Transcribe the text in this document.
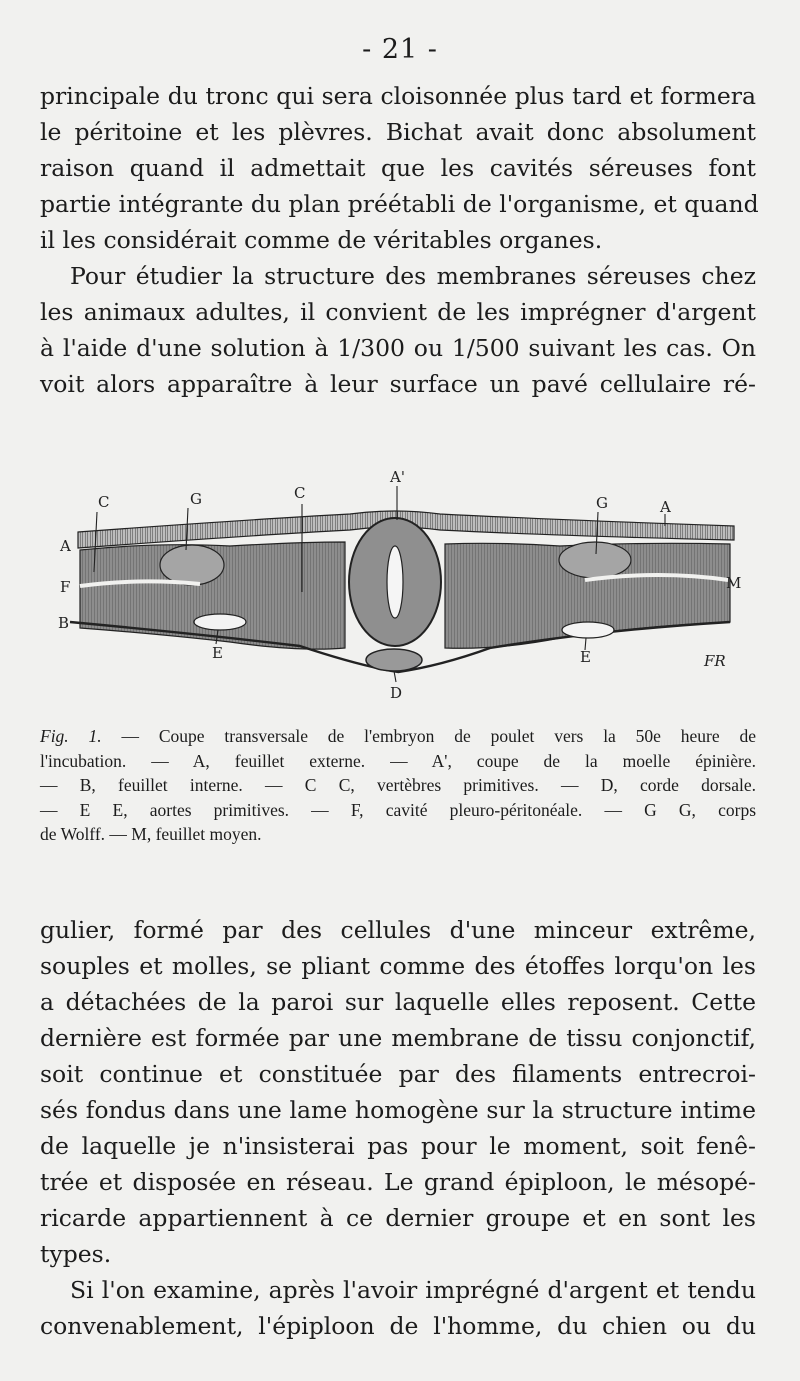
- 21 -
principale du tronc qui sera cloisonnée plus tard et formera
le péritoine et les plèvres. Bichat avait donc absolument
raison quand il admettait que les cavités séreuses font
partie intégrante du plan préétabli de l'organisme, et quand
il les considérait comme de véritables organes.
Pour étudier la structure des membranes séreuses chez
les animaux adultes, il convient de les imprégner d'argent
à l'aide d'une solution à 1/300 ou 1/500 suivant les cas. On
voit alors apparaître à leur surface un pavé cellulaire ré-
C	G	C
A'
G	A
A
F
B
M
E	E
D
FR
Fig. 1. — Coupe transversale de l'embryon de poulet vers la 50e heure de
l'incubation. — A, feuillet externe. — A', coupe de la moelle épinière.
— B, feuillet interne. — C C, vertèbres primitives. — D, corde dorsale.
— E E, aortes primitives. — F, cavité pleuro-péritonéale. — G G, corps
de Wolff. — M, feuillet moyen.
gulier, formé par des cellules d'une minceur extrême,
souples et molles, se pliant comme des étoffes lorqu'on les
a détachées de la paroi sur laquelle elles reposent. Cette
dernière est formée par une membrane de tissu conjonctif,
soit continue et constituée par des filaments entrecroi-
sés fondus dans une lame homogène sur la structure intime
de laquelle je n'insisterai pas pour le moment, soit fenê-
trée et disposée en réseau. Le grand épiploon, le mésopé-
ricarde appartiennent à ce dernier groupe et en sont les
types.
Si l'on examine, après l'avoir imprégné d'argent et tendu
convenablement, l'épiploon de l'homme, du chien ou du
